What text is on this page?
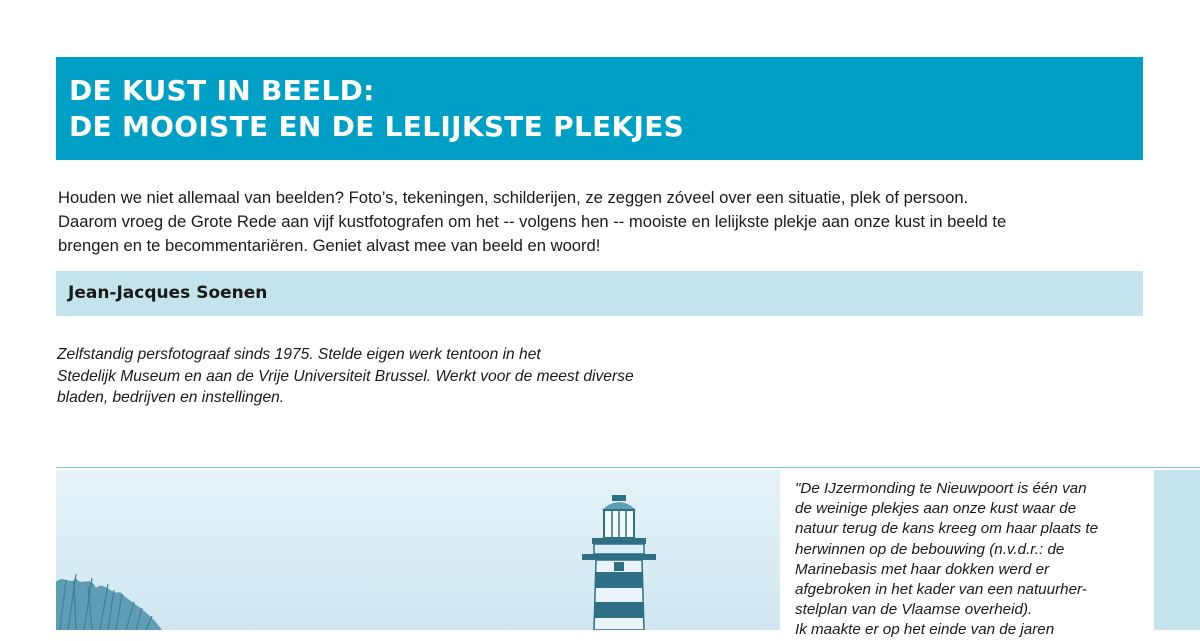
DE KUST IN BEELD:
DE MOOISTE EN DE LELIJKSTE PLEKJES
Houden we niet allemaal van beelden? Foto’s, tekeningen, schilderijen, ze zeggen zóveel over een situatie, plek of persoon.
Daarom vroeg de Grote Rede aan vijf kustfotografen om het -- volgens hen -- mooiste en lelijkste plekje aan onze kust in beeld te
brengen en te becommentariëren. Geniet alvast mee van beeld en woord!
Jean-Jacques Soenen
Zelfstandig persfotograaf sinds 1975. Stelde eigen werk tentoon in het
Stedelijk Museum en aan de Vrije Universiteit Brussel. Werkt voor de meest diverse
bladen, bedrijven en instellingen.
"De IJzermonding te Nieuwpoort is één van
de weinige plekjes aan onze kust waar de
natuur terug de kans kreeg om haar plaats te
herwinnen op de bebouwing (n.v.d.r.: de
Marinebasis met haar dokken werd er
afgebroken in het kader van een natuurher-
stelplan van de Vlaamse overheid).
Ik maakte er op het einde van de jaren
